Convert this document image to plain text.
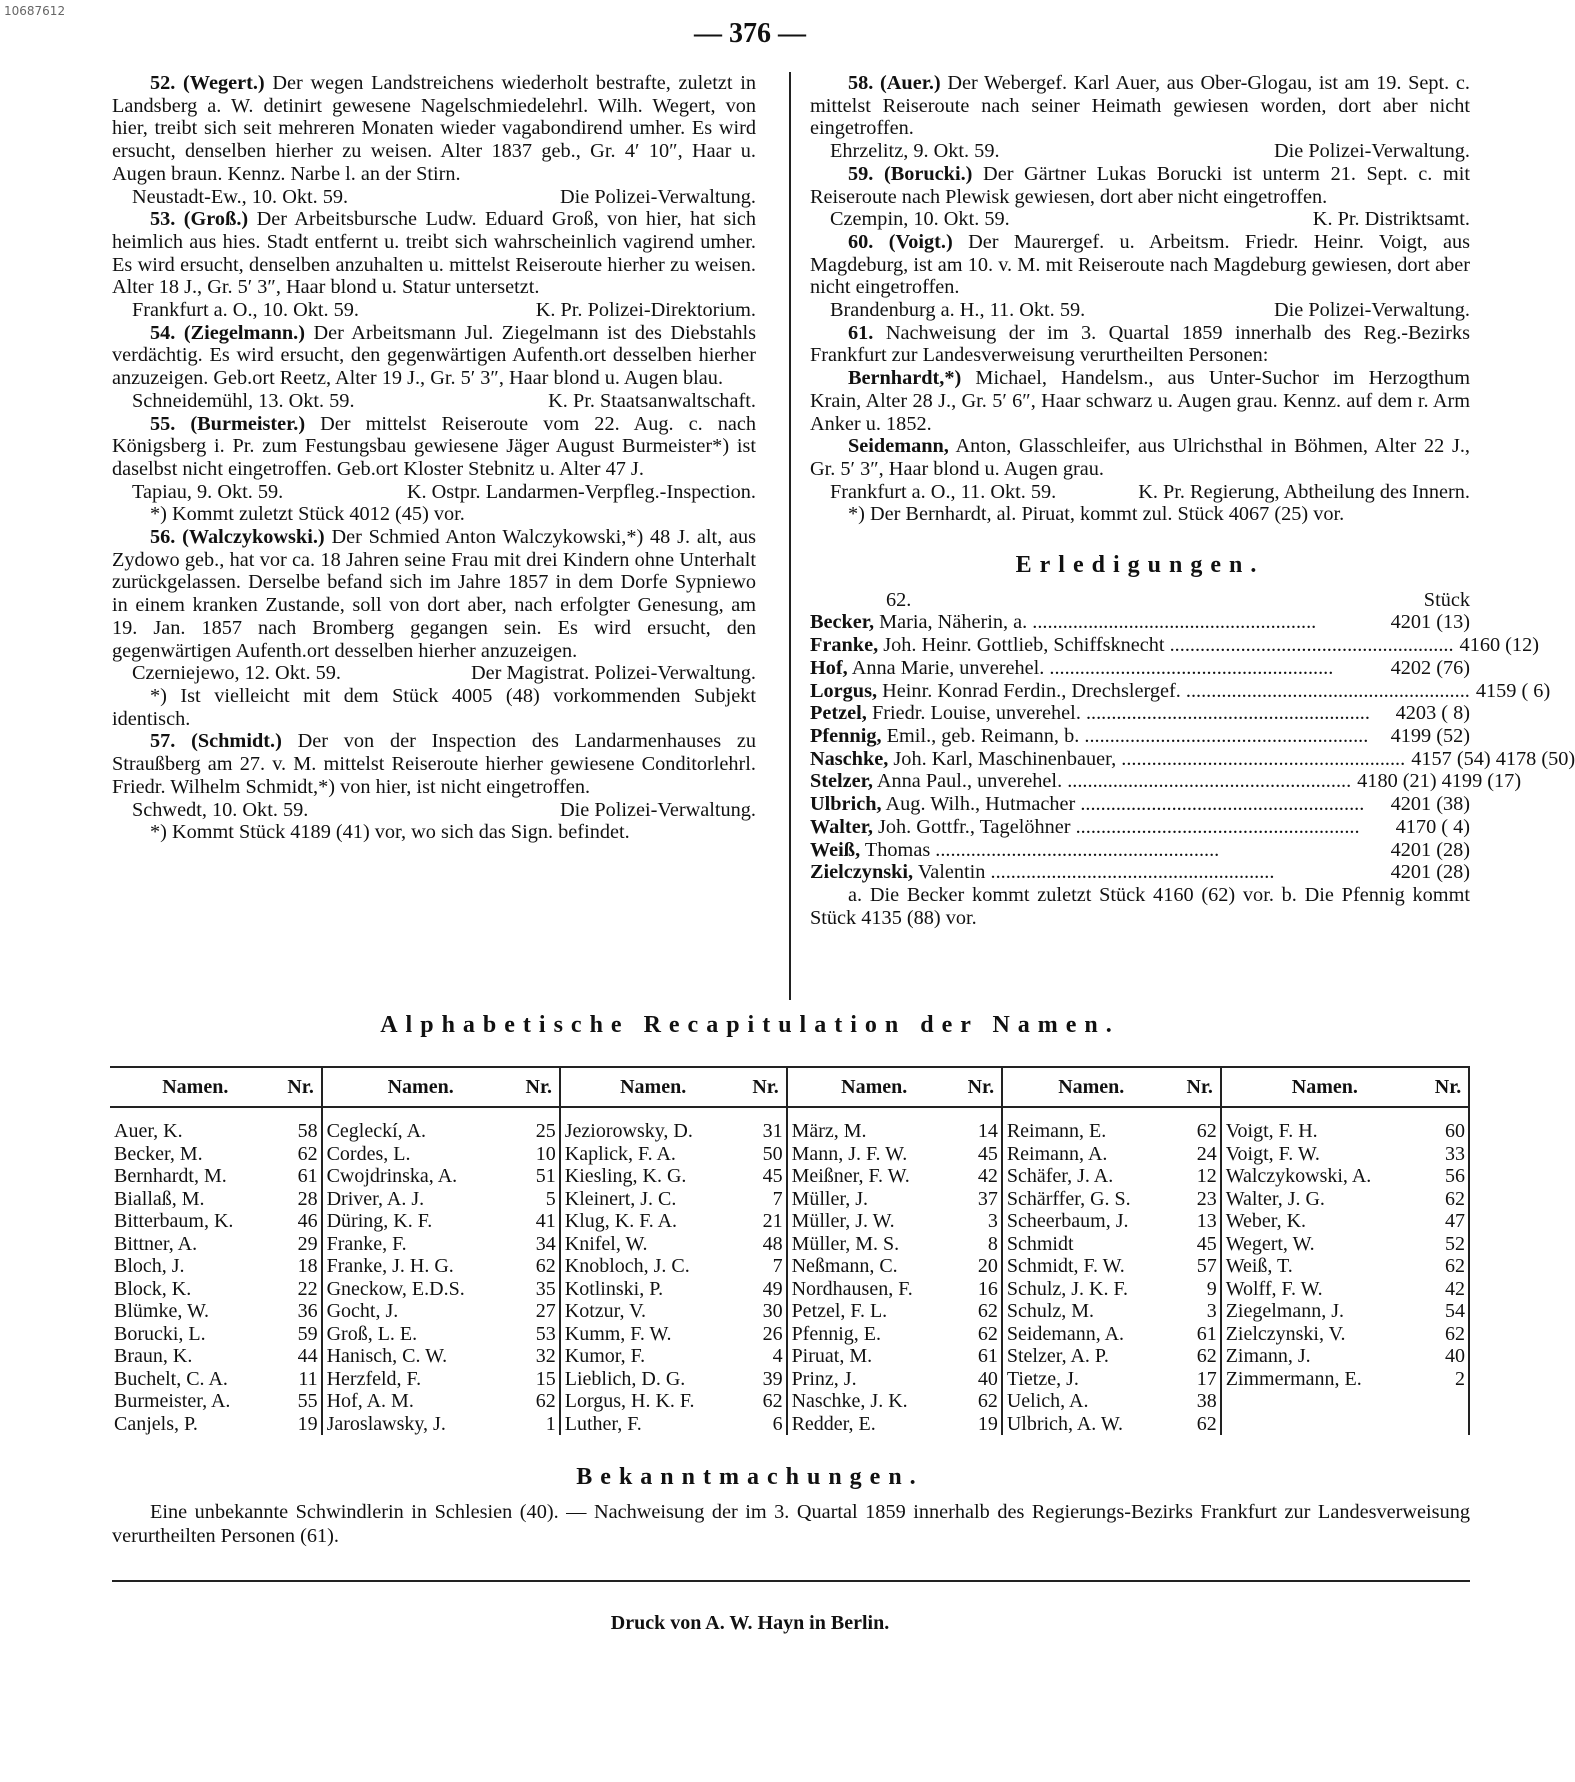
10687612
— 376 —

52. (Wegert.) Der wegen Landstreichens wiederholt bestrafte, zuletzt in Landsberg a. W. detinirt gewesene Nagelschmiedelehrl. Wilh. Wegert, von hier, treibt sich seit mehreren Monaten wieder vagabondirend umher. Es wird ersucht, denselben hierher zu weisen. Alter 1837 geb., Gr. 4′ 10″, Haar u. Augen braun. Kennz. Narbe l. an der Stirn.

Neustadt-Ew., 10. Okt. 59.	Die Polizei-Verwaltung.

53. (Groß.) Der Arbeitsbursche Ludw. Eduard Groß, von hier, hat sich heimlich aus hies. Stadt entfernt u. treibt sich wahrscheinlich vagirend umher. Es wird ersucht, denselben anzuhalten u. mittelst Reiseroute hierher zu weisen. Alter 18 J., Gr. 5′ 3″, Haar blond u. Statur untersetzt.

Frankfurt a. O., 10. Okt. 59.	K. Pr. Polizei-Direktorium.

54. (Ziegelmann.) Der Arbeitsmann Jul. Ziegelmann ist des Diebstahls verdächtig. Es wird ersucht, den gegenwärtigen Aufenth.ort desselben hierher anzuzeigen. Geb.ort Reetz, Alter 19 J., Gr. 5′ 3″, Haar blond u. Augen blau.

Schneidemühl, 13. Okt. 59.	K. Pr. Staatsanwaltschaft.

55. (Burmeister.) Der mittelst Reiseroute vom 22. Aug. c. nach Königsberg i. Pr. zum Festungsbau gewiesene Jäger August Burmeister*) ist daselbst nicht eingetroffen. Geb.ort Kloster Stebnitz u. Alter 47 J.

Tapiau, 9. Okt. 59.	K. Ostpr. Landarmen-Verpfleg.-Inspection.

*) Kommt zuletzt Stück 4012 (45) vor.

56. (Walczykowski.) Der Schmied Anton Walczykowski,*) 48 J. alt, aus Zydowo geb., hat vor ca. 18 Jahren seine Frau mit drei Kindern ohne Unterhalt zurückgelassen. Derselbe befand sich im Jahre 1857 in dem Dorfe Sypniewo in einem kranken Zustande, soll von dort aber, nach erfolgter Genesung, am 19. Jan. 1857 nach Bromberg gegangen sein. Es wird ersucht, den gegenwärtigen Aufenth.ort desselben hierher anzuzeigen.

Czerniejewo, 12. Okt. 59.	Der Magistrat. Polizei-Verwaltung.

*) Ist vielleicht mit dem Stück 4005 (48) vorkommenden Subjekt identisch.

57. (Schmidt.) Der von der Inspection des Landarmenhauses zu Straußberg am 27. v. M. mittelst Reiseroute hierher gewiesene Conditorlehrl. Friedr. Wilhelm Schmidt,*) von hier, ist nicht eingetroffen.

Schwedt, 10. Okt. 59.	Die Polizei-Verwaltung.

*) Kommt Stück 4189 (41) vor, wo sich das Sign. befindet.

58. (Auer.) Der Webergef. Karl Auer, aus Ober-Glogau, ist am 19. Sept. c. mittelst Reiseroute nach seiner Heimath gewiesen worden, dort aber nicht eingetroffen.

Ehrzelitz, 9. Okt. 59.	Die Polizei-Verwaltung.

59. (Borucki.) Der Gärtner Lukas Borucki ist unterm 21. Sept. c. mit Reiseroute nach Plewisk gewiesen, dort aber nicht eingetroffen.

Czempin, 10. Okt. 59.	K. Pr. Distriktsamt.

60. (Voigt.) Der Maurergef. u. Arbeitsm. Friedr. Heinr. Voigt, aus Magdeburg, ist am 10. v. M. mit Reiseroute nach Magdeburg gewiesen, dort aber nicht eingetroffen.

Brandenburg a. H., 11. Okt. 59.	Die Polizei-Verwaltung.

61. Nachweisung der im 3. Quartal 1859 innerhalb des Reg.-Bezirks Frankfurt zur Landesverweisung verurtheilten Personen:

Bernhardt,*) Michael, Handelsm., aus Unter-Suchor im Herzogthum Krain, Alter 28 J., Gr. 5′ 6″, Haar schwarz u. Augen grau. Kennz. auf dem r. Arm Anker u. 1852.

Seidemann, Anton, Glasschleifer, aus Ulrichsthal in Böhmen, Alter 22 J., Gr. 5′ 3″, Haar blond u. Augen grau.

Frankfurt a. O., 11. Okt. 59.	K. Pr. Regierung, Abtheilung des Innern.

*) Der Bernhardt, al. Piruat, kommt zul. Stück 4067 (25) vor.

Erledigungen.
62.	Stück
Becker, Maria, Näherin, a. ........................................................	4201 (13)
Franke, Joh. Heinr. Gottlieb, Schiffsknecht ........................................................ 4160 (12)
Hof, Anna Marie, unverehel. ........................................................	4202 (76)
Lorgus, Heinr. Konrad Ferdin., Drechslergef. ........................................................ 4159 ( 6)
Petzel, Friedr. Louise, unverehel. ........................................................	4203 ( 8)
Pfennig, Emil., geb. Reimann, b. ........................................................	4199 (52)
Naschke, Joh. Karl, Maschinenbauer, ........................................................ 4157 (54) 4178 (50)
Stelzer, Anna Paul., unverehel. ........................................................ 4180 (21) 4199 (17)
Ulbrich, Aug. Wilh., Hutmacher ........................................................	4201 (38)
Walter, Joh. Gottfr., Tagelöhner ........................................................	4170 ( 4)
Weiß, Thomas ........................................................	4201 (28)
Zielczynski, Valentin ........................................................	4201 (28)

a. Die Becker kommt zuletzt Stück 4160 (62) vor. b. Die Pfennig kommt Stück 4135 (88) vor.

Alphabetische Recapitulation der Namen.
Namen.	Nr.	Namen.	Nr.	Namen.	Nr.	Namen.	Nr.	Namen.	Nr.	Namen.	Nr.

Auer, K.	58	Cegleckí, A.	25	Jeziorowsky, D.	31	März, M.	14	Reimann, E.	62	Voigt, F. H.	60
Becker, M.	62	Cordes, L.	10	Kaplick, F. A.	50	Mann, J. F. W.	45	Reimann, A.	24	Voigt, F. W.	33
Bernhardt, M.	61	Cwojdrinska, A.	51	Kiesling, K. G.	45	Meißner, F. W.	42	Schäfer, J. A.	12	Walczykowski, A.	56
Biallaß, M.	28	Driver, A. J.	5	Kleinert, J. C.	7	Müller, J.	37	Schärffer, G. S.	23	Walter, J. G.	62
Bitterbaum, K.	46	Düring, K. F.	41	Klug, K. F. A.	21	Müller, J. W.	3	Scheerbaum, J.	13	Weber, K.	47
Bittner, A.	29	Franke, F.	34	Knifel, W.	48	Müller, M. S.	8	Schmidt	45	Wegert, W.	52
Bloch, J.	18	Franke, J. H. G.	62	Knobloch, J. C.	7	Neßmann, C.	20	Schmidt, F. W.	57	Weiß, T.	62
Block, K.	22	Gneckow, E.D.S.	35	Kotlinski, P.	49	Nordhausen, F.	16	Schulz, J. K. F.	9	Wolff, F. W.	42
Blümke, W.	36	Gocht, J.	27	Kotzur, V.	30	Petzel, F. L.	62	Schulz, M.	3	Ziegelmann, J.	54
Borucki, L.	59	Groß, L. E.	53	Kumm, F. W.	26	Pfennig, E.	62	Seidemann, A.	61	Zielczynski, V.	62
Braun, K.	44	Hanisch, C. W.	32	Kumor, F.	4	Piruat, M.	61	Stelzer, A. P.	62	Zimann, J.	40
Buchelt, C. A.	11	Herzfeld, F.	15	Lieblich, D. G.	39	Prinz, J.	40	Tietze, J.	17	Zimmermann, E.	2
Burmeister, A.	55	Hof, A. M.	62	Lorgus, H. K. F.	62	Naschke, J. K.	62	Uelich, A.	38		
Canjels, P.	19	Jaroslawsky, J.	1	Luther, F.	6	Redder, E.	19	Ulbrich, A. W.	62		
Bekanntmachungen.
Eine unbekannte Schwindlerin in Schlesien (40). — Nachweisung der im 3. Quartal 1859 innerhalb des Regierungs-Bezirks Frankfurt zur Landesverweisung verurtheilten Personen (61).
Druck von A. W. Hayn in Berlin.
